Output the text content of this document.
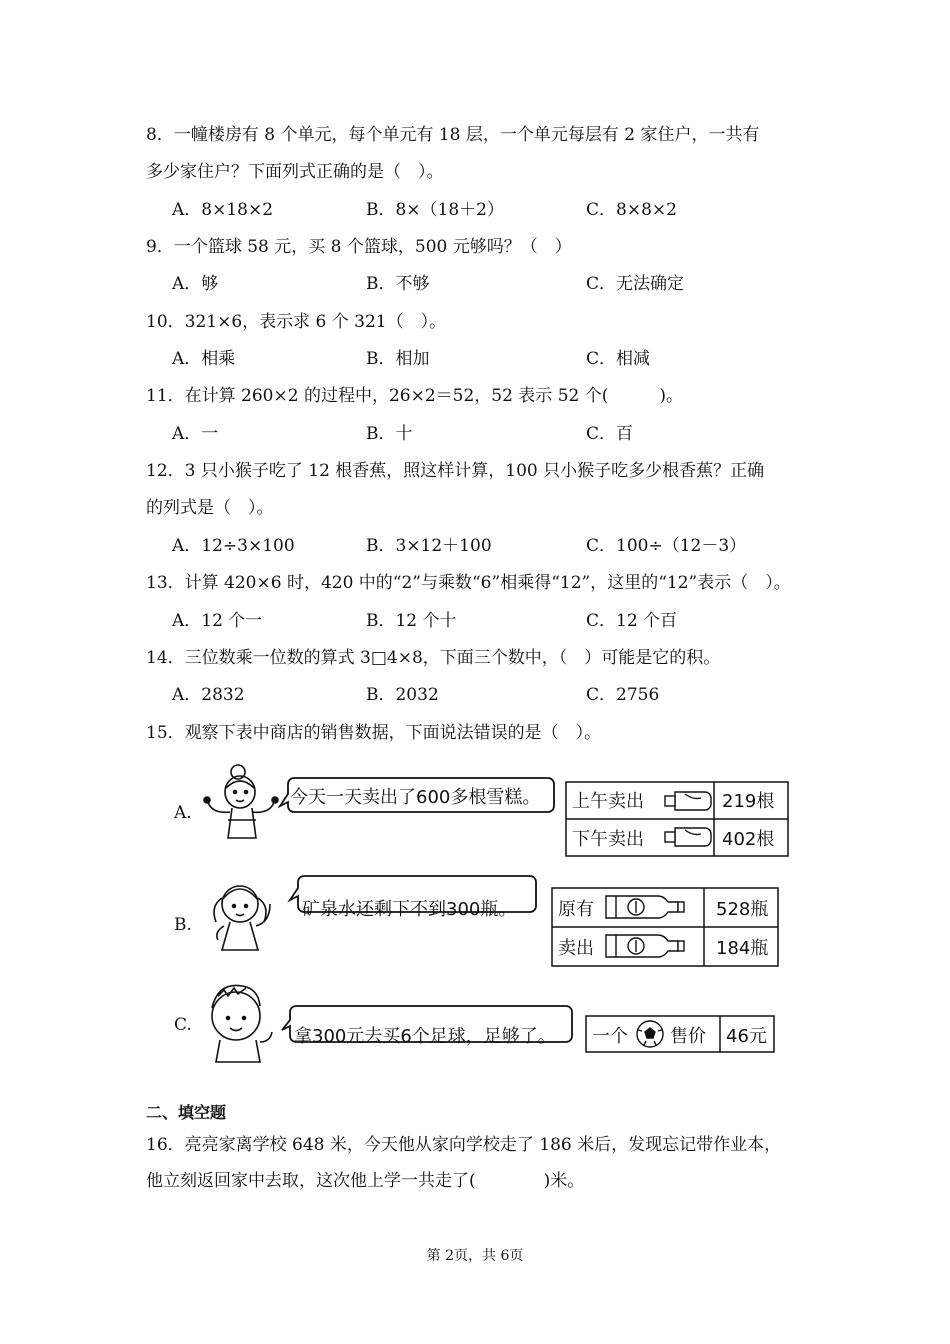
8．一幢楼房有 8 个单元，每个单元有 18 层，一个单元每层有 2 家住户，一共有
多少家住户？下面列式正确的是（　）。
A．8×18×2	B．8×（18＋2）	C．8×8×2
9．一个篮球 58 元，买 8 个篮球，500 元够吗？（　）
A．够	B．不够	C．无法确定
10．321×6，表示求 6 个 321（　）。
A．相乘	B．相加	C．相减
11．在计算 260×2 的过程中，26×2＝52，52 表示 52 个(　　　)。
A．一	B．十	C．百
12．3 只小猴子吃了 12 根香蕉，照这样计算，100 只小猴子吃多少根香蕉？正确
的列式是（　）。
A．12÷3×100	B．3×12＋100	C．100÷（12－3）
13．计算 420×6 时，420 中的“2”与乘数“6”相乘得“12”，这里的“12”表示（　）。
A．12 个一	B．12 个十	C．12 个百
14．三位数乘一位数的算式 3□4×8，下面三个数中，（　）可能是它的积。
A．2832	B．2032	C．2756
15．观察下表中商店的销售数据，下面说法错误的是（　）。
A.
今天一天卖出了600多根雪糕。 上午卖出	219根
下午卖出	402根
B.
矿泉水还剩下不到300瓶。 原有	528瓶
卖出	184瓶
C.
拿300元去买6个足球，足够了。 一个 售价 46元
二、填空题
16．亮亮家离学校 648 米，今天他从家向学校走了 186 米后，发现忘记带作业本，
他立刻返回家中去取，这次他上学一共走了(　　　　)米。
第 2页，共 6页
